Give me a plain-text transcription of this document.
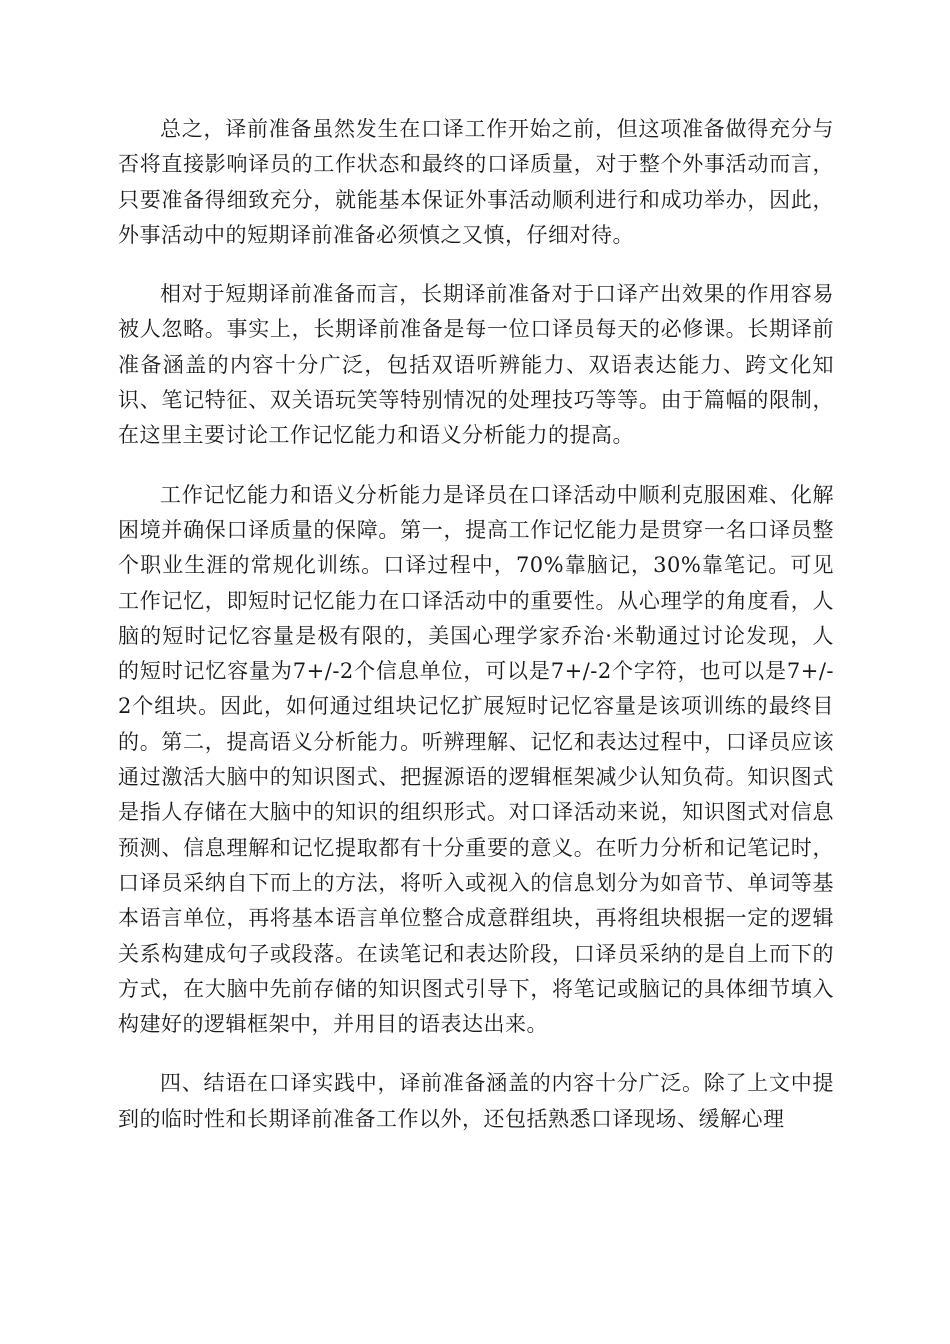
总之，译前准备虽然发生在口译工作开始之前，但这项准备做得充分与否将直接影响译员的工作状态和最终的口译质量，对于整个外事活动而言，只要准备得细致充分，就能基本保证外事活动顺利进行和成功举办，因此，外事活动中的短期译前准备必须慎之又慎，仔细对待。

相对于短期译前准备而言，长期译前准备对于口译产出效果的作用容易被人忽略。事实上，长期译前准备是每一位口译员每天的必修课。长期译前准备涵盖的内容十分广泛，包括双语听辨能力、双语表达能力、跨文化知识、笔记特征、双关语玩笑等特别情况的处理技巧等等。由于篇幅的限制，在这里主要讨论工作记忆能力和语义分析能力的提高。

工作记忆能力和语义分析能力是译员在口译活动中顺利克服困难、化解困境并确保口译质量的保障。第一，提高工作记忆能力是贯穿一名口译员整个职业生涯的常规化训练。口译过程中，70%靠脑记，30%靠笔记。可见工作记忆，即短时记忆能力在口译活动中的重要性。从心理学的角度看，人脑的短时记忆容量是极有限的，美国心理学家乔治·米勒通过讨论发现，人的短时记忆容量为7+/-2个信息单位，可以是7+/-2个字符，也可以是7+/-2个组块。因此，如何通过组块记忆扩展短时记忆容量是该项训练的最终目的。第二，提高语义分析能力。听辨理解、记忆和表达过程中，口译员应该通过激活大脑中的知识图式、把握源语的逻辑框架减少认知负荷。知识图式是指人存储在大脑中的知识的组织形式。对口译活动来说，知识图式对信息预测、信息理解和记忆提取都有十分重要的意义。在听力分析和记笔记时，口译员采纳自下而上的方法，将听入或视入的信息划分为如音节、单词等基本语言单位，再将基本语言单位整合成意群组块，再将组块根据一定的逻辑关系构建成句子或段落。在读笔记和表达阶段，口译员采纳的是自上而下的方式，在大脑中先前存储的知识图式引导下，将笔记或脑记的具体细节填入构建好的逻辑框架中，并用目的语表达出来。

四、结语在口译实践中，译前准备涵盖的内容十分广泛。除了上文中提到的临时性和长期译前准备工作以外，还包括熟悉口译现场、缓解心理
